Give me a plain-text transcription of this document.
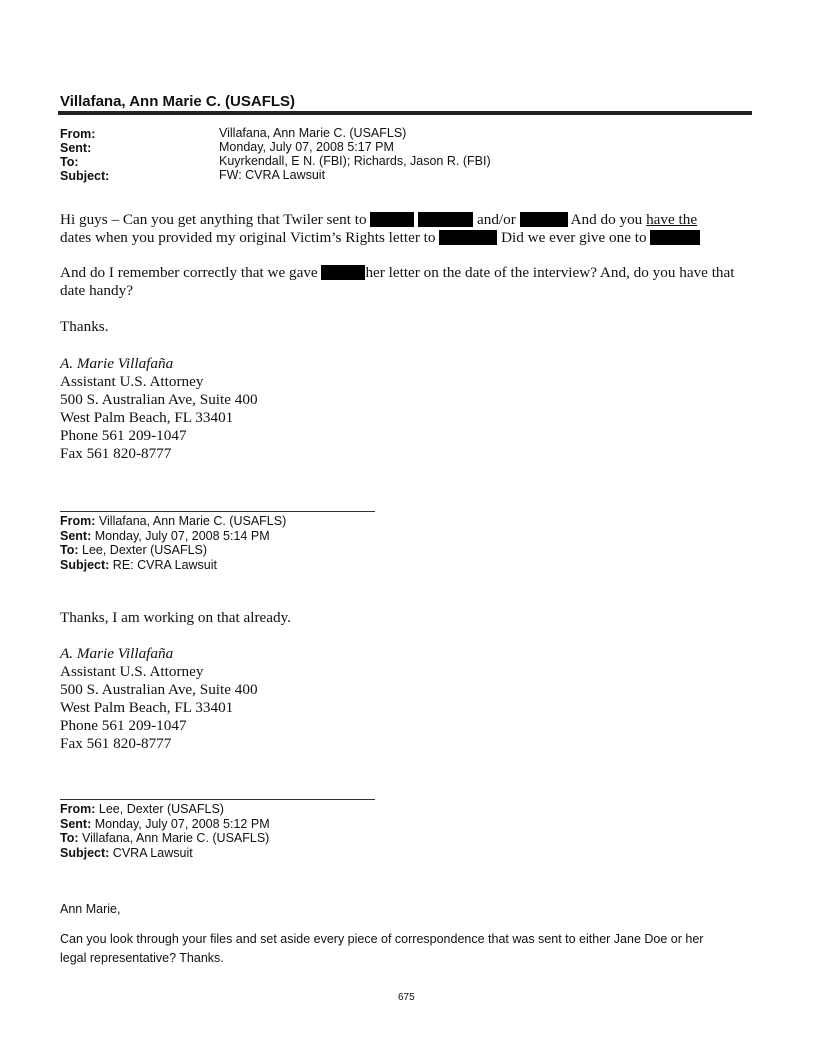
Villafana, Ann Marie C. (USAFLS)
From:	Villafana, Ann Marie C. (USAFLS)
Sent:	Monday, July 07, 2008 5:17 PM
To:	Kuyrkendall, E N. (FBI); Richards, Jason R. (FBI)
Subject:	FW: CVRA Lawsuit
Hi guys – Can you get anything that Twiler sent to	and/or	And do you have the
dates when you provided my original Victim’s Rights letter to	Did we ever give one to
And do I remember correctly that we gave	her letter on the date of the interview? And, do you have that
date handy?
Thanks.
A. Marie Villafaña
Assistant U.S. Attorney
500 S. Australian Ave, Suite 400
West Palm Beach, FL 33401
Phone 561 209-1047
Fax 561 820-8777
From: Villafana, Ann Marie C. (USAFLS)
Sent: Monday, July 07, 2008 5:14 PM
To: Lee, Dexter (USAFLS)
Subject: RE: CVRA Lawsuit
Thanks, I am working on that already.
A. Marie Villafaña
Assistant U.S. Attorney
500 S. Australian Ave, Suite 400
West Palm Beach, FL 33401
Phone 561 209-1047
Fax 561 820-8777
From: Lee, Dexter (USAFLS)
Sent: Monday, July 07, 2008 5:12 PM
To: Villafana, Ann Marie C. (USAFLS)
Subject: CVRA Lawsuit
Ann Marie,
Can you look through your files and set aside every piece of correspondence that was sent to either Jane Doe or her
legal representative? Thanks.
675
